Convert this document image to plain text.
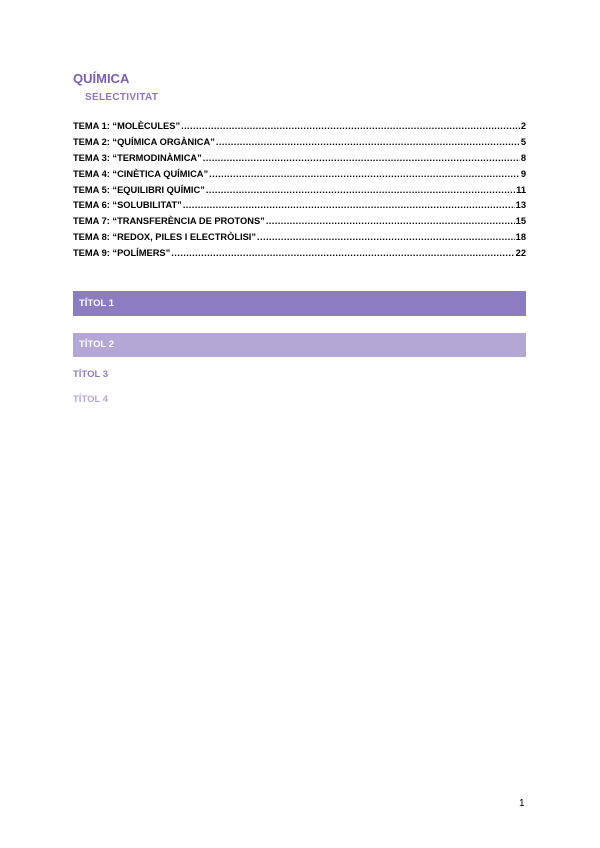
QUÍMICA
SELECTIVITAT
TEMA 1: “MOLÈCULES” .....	2
TEMA 2: “QUÍMICA ORGÀNICA” .....	5
TEMA 3: “TERMODINÀMICA” .....	8
TEMA 4: “CINÈTICA QUÍMICA” .....	9
TEMA 5: “EQUILIBRI QUÍMIC” .....	11
TEMA 6: “SOLUBILITAT” .....	13
TEMA 7: “TRANSFERÈNCIA DE PROTONS” .....	15
TEMA 8: “REDOX, PILES I ELECTRÒLISI” .....	18
TEMA 9: “POLÍMERS” .....	22
TÍTOL 1
TÍTOL 2
TÍTOL 3
TÍTOL 4
1
